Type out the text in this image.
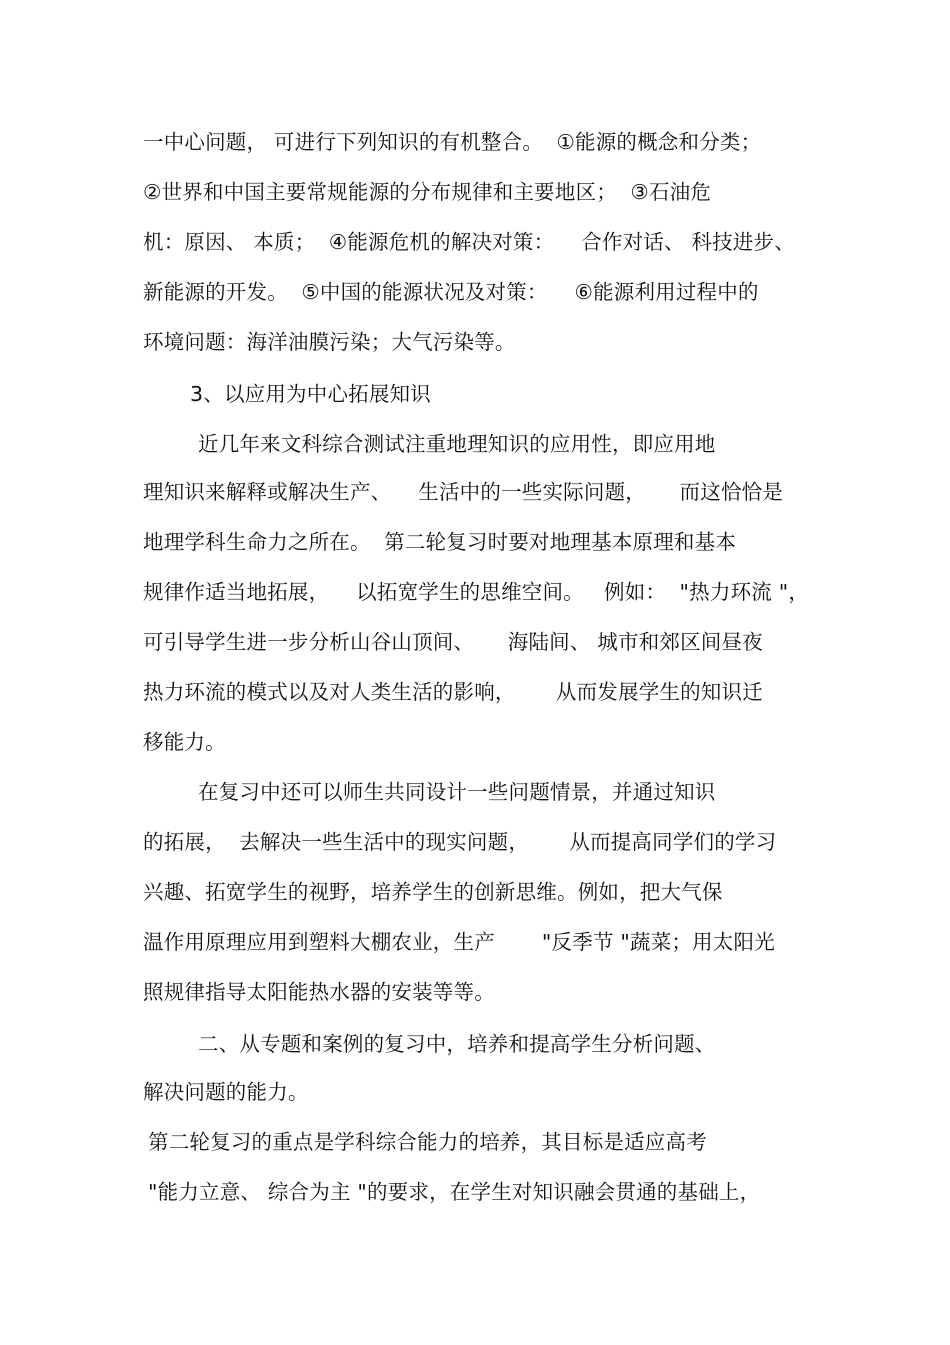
一中心问题， 可进行下列知识的有机整合。  ①能源的概念和分类；
②世界和中国主要常规能源的分布规律和主要地区；  ③石油危
机：原因、 本质；  ④能源危机的解决对策：    合作对话、 科技进步、
新能源的开发。  ⑤中国的能源状况及对策：    ⑥能源利用过程中的
环境问题：海洋油膜污染；大气污染等。
3、以应用为中心拓展知识
近几年来文科综合测试注重地理知识的应用性，即应用地
理知识来解释或解决生产、    生活中的一些实际问题，     而这恰恰是
地理学科生命力之所在。  第二轮复习时要对地理基本原理和基本
规律作适当地拓展，    以拓宽学生的思维空间。   例如：  "热力环流 "，
可引导学生进一步分析山谷山顶间、     海陆间、 城市和郊区间昼夜
热力环流的模式以及对人类生活的影响，      从而发展学生的知识迁
移能力。
在复习中还可以师生共同设计一些问题情景，并通过知识
的拓展，  去解决一些生活中的现实问题，      从而提高同学们的学习
兴趣、拓宽学生的视野，培养学生的创新思维。例如，把大气保
温作用原理应用到塑料大棚农业，生产       "反季节 "蔬菜；用太阳光
照规律指导太阳能热水器的安装等等。
二、从专题和案例的复习中，培养和提高学生分析问题、
解决问题的能力。
第二轮复习的重点是学科综合能力的培养，其目标是适应高考
"能力立意、 综合为主 "的要求，在学生对知识融会贯通的基础上，
